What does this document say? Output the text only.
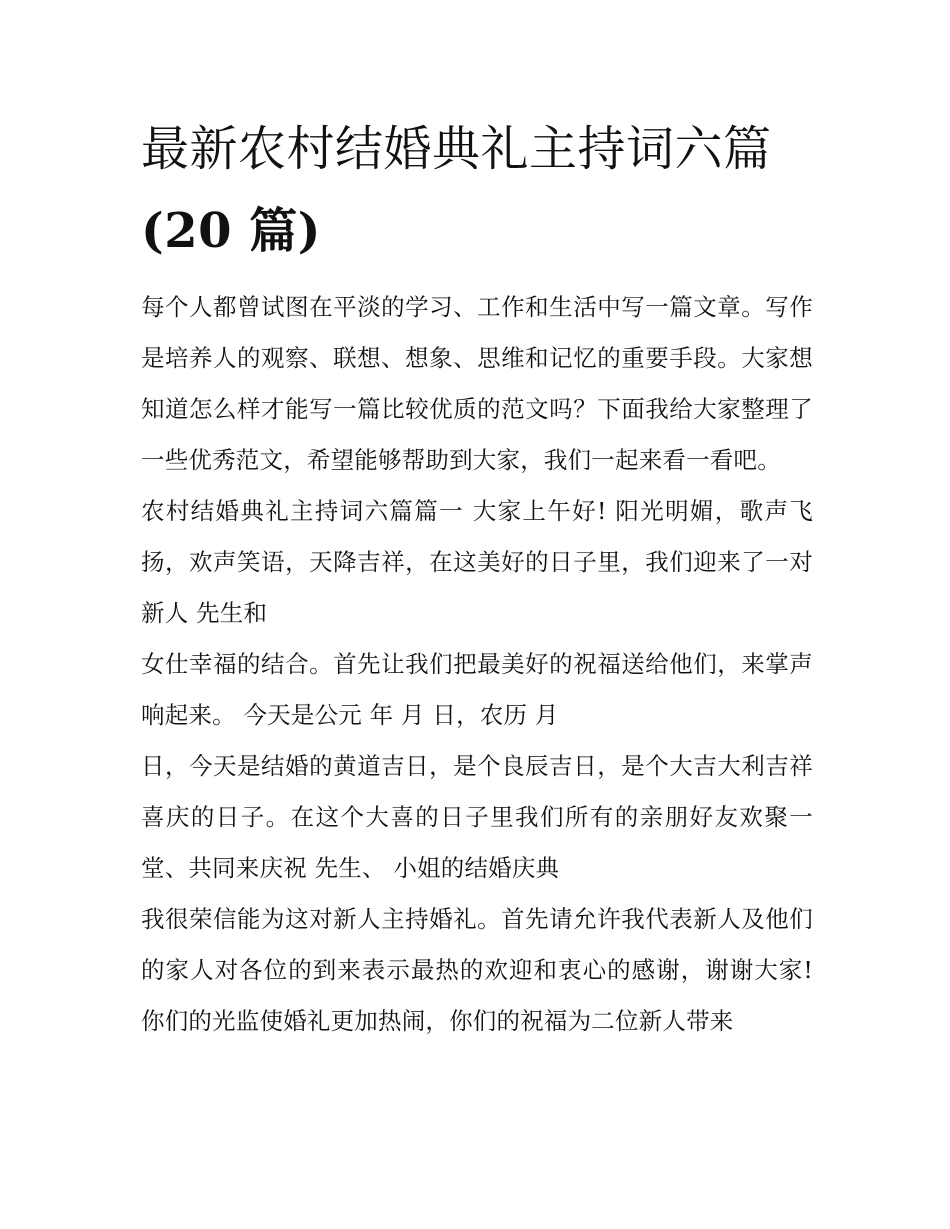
最新农村结婚典礼主持词六篇
(20 篇)

每个人都曾试图在平淡的学习、工作和生活中写一篇文章。写作是培养人的观察、联想、想象、思维和记忆的重要手段。大家想知道怎么样才能写一篇比较优质的范文吗？下面我给大家整理了一些优秀范文，希望能够帮助到大家，我们一起来看一看吧。

农村结婚典礼主持词六篇篇一 大家上午好! 阳光明媚，歌声飞扬，欢声笑语，天降吉祥，在这美好的日子里，我们迎来了一对新人 先生和

女仕幸福的结合。首先让我们把最美好的祝福送给他们，来掌声响起来。 今天是公元 年 月 日，农历 月

日，今天是结婚的黄道吉日，是个良辰吉日，是个大吉大利吉祥喜庆的日子。在这个大喜的日子里我们所有的亲朋好友欢聚一堂、共同来庆祝 先生、 小姐的结婚庆典

我很荣信能为这对新人主持婚礼。首先请允许我代表新人及他们的家人对各位的到来表示最热的欢迎和衷心的感谢，谢谢大家!你们的光监使婚礼更加热闹，你们的祝福为二位新人带来
